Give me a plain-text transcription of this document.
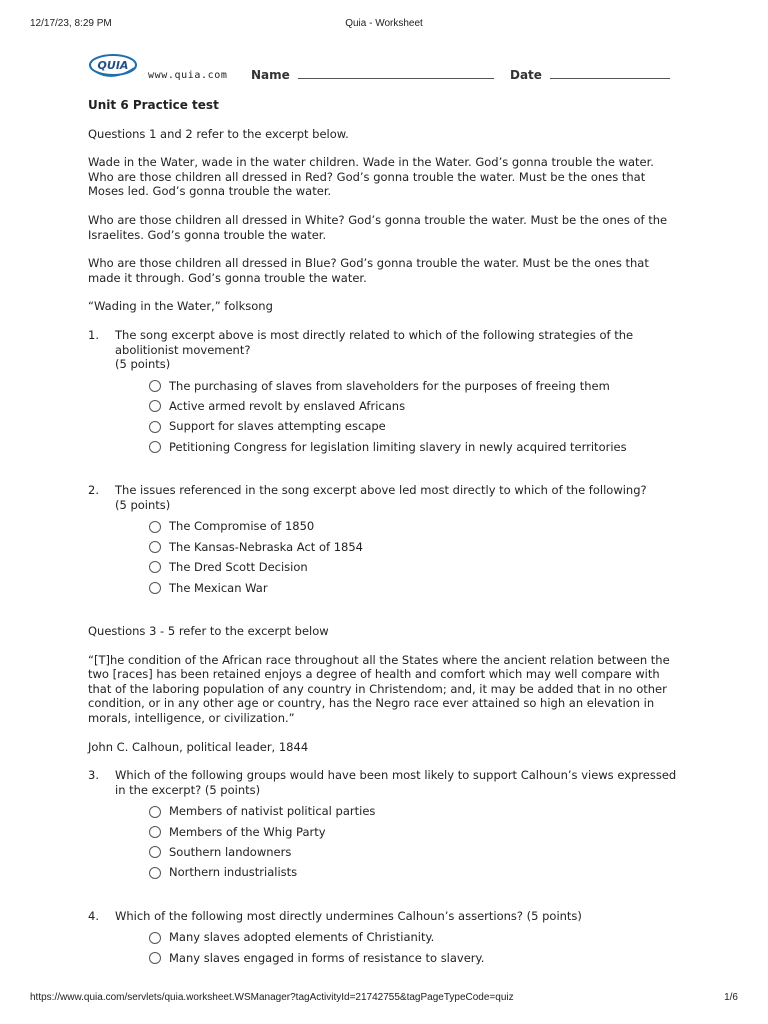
12/17/23, 8:29 PM	Quia - Worksheet
QUIA
www.quia.com Name	Date

Unit 6 Practice test

Questions 1 and 2 refer to the excerpt below.

Wade in the Water, wade in the water children. Wade in the Water. God’s gonna trouble the water. Who are those children all dressed in Red? God’s gonna trouble the water. Must be the ones that Moses led. God’s gonna trouble the water.

Who are those children all dressed in White? God’s gonna trouble the water. Must be the ones of the Israelites. God’s gonna trouble the water.

Who are those children all dressed in Blue? God’s gonna trouble the water. Must be the ones that made it through. God’s gonna trouble the water.

“Wading in the Water,” folksong

1.	The song excerpt above is most directly related to which of the following strategies of the abolitionist movement?
(5 points)
The purchasing of slaves from slaveholders for the purposes of freeing them
Active armed revolt by enslaved Africans
Support for slaves attempting escape
Petitioning Congress for legislation limiting slavery in newly acquired territories
2.	The issues referenced in the song excerpt above led most directly to which of the following?
(5 points)
The Compromise of 1850
The Kansas-Nebraska Act of 1854
The Dred Scott Decision
The Mexican War

Questions 3 - 5 refer to the excerpt below

“[T]he condition of the African race throughout all the States where the ancient relation between the two [races] has been retained enjoys a degree of health and comfort which may well compare with that of the laboring population of any country in Christendom; and, it may be added that in no other condition, or in any other age or country, has the Negro race ever attained so high an elevation in morals, intelligence, or civilization.”

John C. Calhoun, political leader, 1844

3.	Which of the following groups would have been most likely to support Calhoun’s views expressed in the excerpt? (5 points)
Members of nativist political parties
Members of the Whig Party
Southern landowners
Northern industrialists
4.	Which of the following most directly undermines Calhoun’s assertions? (5 points)
Many slaves adopted elements of Christianity.
Many slaves engaged in forms of resistance to slavery.
https://www.quia.com/servlets/quia.worksheet.WSManager?tagActivityId=21742755&tagPageTypeCode=quiz	1/6
